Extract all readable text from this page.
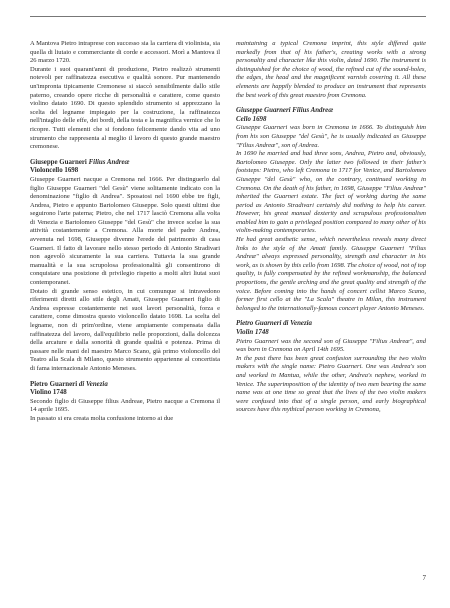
A Mantova Pietro intraprese con successo sia la carriera di violinista, sia quella di liutaio e commerciante di corde e accessori. Morì a Mantova il 26 marzo 1720.

Durante i suoi quarant'anni di produzione, Pietro realizzò strumenti notevoli per raffinatezza esecutiva e qualità sonore. Pur mantenendo un'impronta tipicamente Cremonese si staccò sensibilmente dallo stile paterno, creando opere ricche di personalità e carattere, come questo violino datato 1690. Di questo splendido strumento si apprezzano la scelta del legname impiegato per la costruzione, la raffinatezza nell'intaglio delle effe, dei bordi, della testa e la magnifica vernice che lo ricopre. Tutti elementi che si fondono felicemente dando vita ad uno strumento che rappresenta al meglio il lavoro di questo grande maestro cremonese.

Giuseppe Guarneri Filius Andreæ
Violoncello 1698

Giuseppe Guarneri nacque a Cremona nel 1666. Per distinguerlo dal figlio Giuseppe Guarneri "del Gesù" viene solitamente indicato con la denominazione "figlio di Andrea". Sposatosi nel 1690 ebbe tre figli, Andrea, Pietro e appunto Bartolomeo Giuseppe. Solo questi ultimi due seguirono l'arte paterna; Pietro, che nel 1717 lasciò Cremona alla volta di Venezia e Bartolomeo Giuseppe "del Gesù" che invece scelse la sua attività costantemente a Cremona. Alla morte del padre Andrea, avvenuta nel 1698, Giuseppe divenne l'erede del patrimonio di casa Guarneri. Il fatto di lavorare nello stesso periodo di Antonio Stradivari non agevolò sicuramente la sua carriera. Tuttavia la sua grande manualità e la sua scrupolosa professionalità gli consentirono di conquistare una posizione di privilegio rispetto a molti altri liutai suoi contemporanei.

Dotato di grande senso estetico, in cui comunque si intravedono riferimenti diretti allo stile degli Amati, Giuseppe Guarneri figlio di Andrea espresse costantemente nei suoi lavori personalità, forza e carattere, come dimostra questo violoncello datato 1698. La scelta del legname, non di prim'ordine, viene ampiamente compensata dalla raffinatezza del lavoro, dall'equilibrio nelle proporzioni, dalla dolcezza della arcature e dalla sonorità di grande qualità e potenza. Prima di passare nelle mani del maestro Marco Scano, già primo violoncello del Teatro alla Scala di Milano, questo strumento appartenne al concertista di fama internazionale Antonio Meneses.

Pietro Guarneri di Venezia
Violino 1748

Secondo figlio di Giuseppe filius Andreae, Pietro nacque a Cremona il 14 aprile 1695.

In passato si era creata molta confusione intorno ai due

maintaining a typical Cremona imprint, this style differed quite markedly from that of his father's, creating works with a strong personality and character like this violin, dated 1690. The instrument is distinguished for the choice of wood, the refined cut of the sound-holes, the edges, the head and the magnificent varnish covering it. All these elements are happily blended to produce an instrument that represents the best work of this great maestro from Cremona.

Giuseppe Guarneri Filius Andreæ
Cello 1698

Giuseppe Guarneri was born in Cremona in 1666. To distinguish him from his son Giuseppe "del Gesù", he is usually indicated as Giuseppe "Filius Andreæ", son of Andrea.

In 1690 he married and had three sons, Andrea, Pietro and, obviously, Bartolomeo Giuseppe. Only the latter two followed in their father's footsteps: Pietro, who left Cremona in 1717 for Venice, and Bartolomeo Giuseppe "del Gesù" who, on the contrary, continued working in Cremona. On the death of his father, in 1698, Giuseppe "Filius Andreæ" inherited the Guarneri estate. The fact of working during the same period as Antonio Stradivari certainly did nothing to help his career. However, his great manual dexterity and scrupulous professionalism enabled him to gain a privileged position compared to many other of his violin-making contemporaries.

He had great aesthetic sense, which nevertheless reveals many direct links to the style of the Amati family. Giuseppe Guarneri "Filius Andreæ" always expressed personality, strength and character in his work, as is shown by this cello from 1698. The choice of wood, not of top quality, is fully compensated by the refined workmanship, the balanced proportions, the gentle arching and the great quality and strength of the voice. Before coming into the hands of concert cellist Marco Scano, former first cello at the "La Scala" theatre in Milan, this instrument belonged to the internationally-famous concert player Antonio Meneses.

Pietro Guarneri di Venezia
Violin 1748

Pietro Guarneri was the second son of Giuseppe "Filius Andreæ", and was born in Cremona on April 14th 1695.

In the past there has been great confusion surrounding the two violin makers with the single name: Pietro Guarneri. One was Andrea's son and worked in Mantua, while the other, Andrea's nephew, worked in Venice. The superimposition of the identity of two men bearing the same name was at one time so great that the lives of the two violin makers were confused into that of a single person, and early biographical sources have this mythical person working in Cremona,

7
